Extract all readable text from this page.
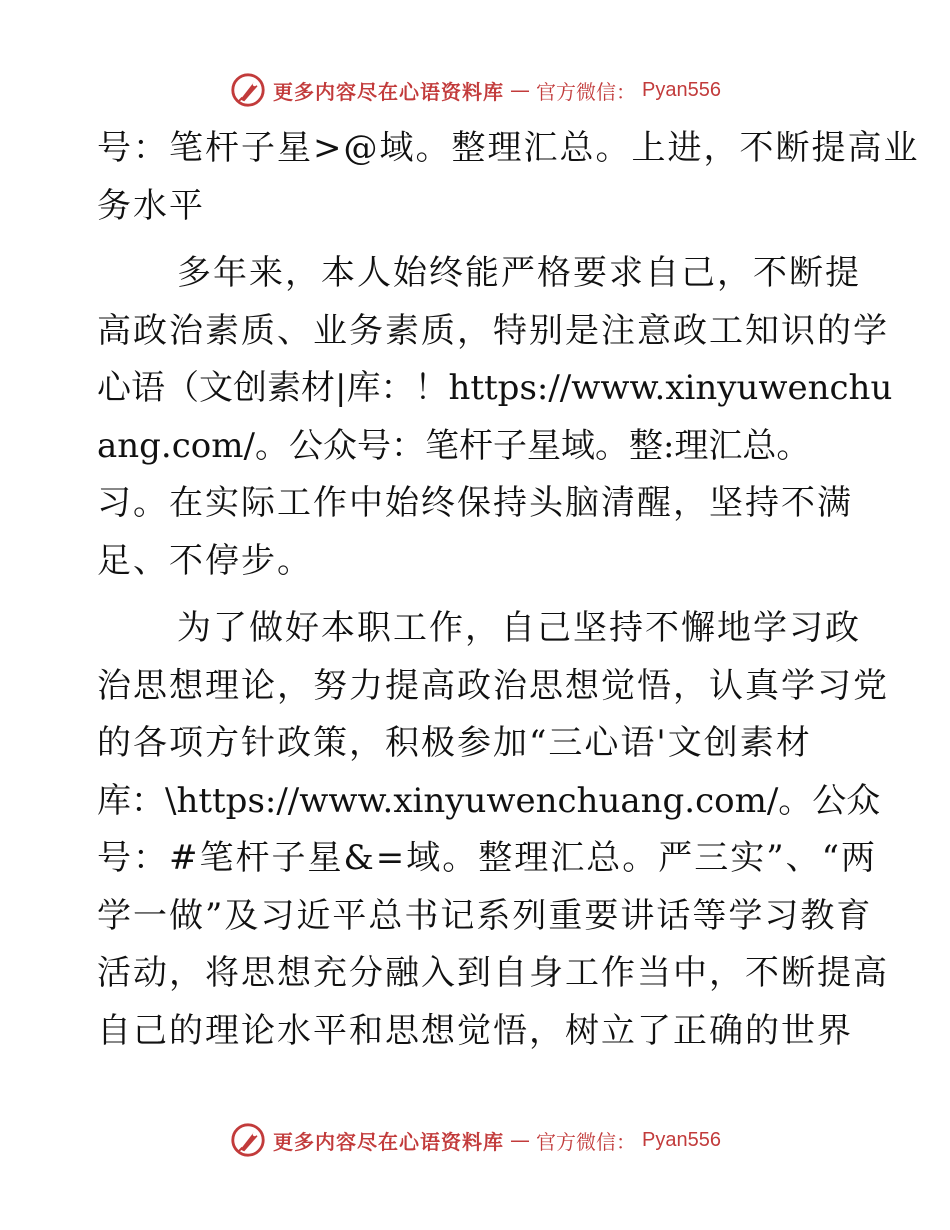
更多内容尽在心语资料库 — 官方微信： Pyan556
号：笔杆子星>@域。整理汇总。上进，不断提高业
务水平
多年来，本人始终能严格要求自己，不断提
高政治素质、业务素质，特别是注意政工知识的学
心语（文创素材|库：！https://www.xinyuwenchu
ang.com/。公众号：笔杆子星域。整:理汇总。
习。在实际工作中始终保持头脑清醒，坚持不满
足、不停步。
为了做好本职工作，自己坚持不懈地学习政
治思想理论，努力提高政治思想觉悟，认真学习党
的各项方针政策，积极参加“三心语'文创素材
库：\https://www.xinyuwenchuang.com/。公众
号：#笔杆子星&=域。整理汇总。严三实”、“两
学一做”及习近平总书记系列重要讲话等学习教育
活动，将思想充分融入到自身工作当中，不断提高
自己的理论水平和思想觉悟，树立了正确的世界
更多内容尽在心语资料库 — 官方微信： Pyan556
